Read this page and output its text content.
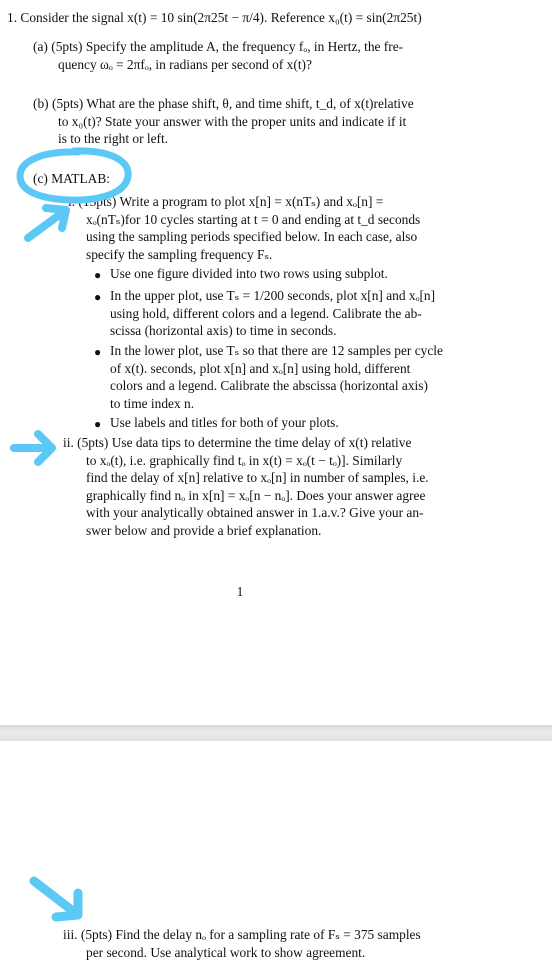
1. Consider the signal x(t) = 10 sin(2π25t − π/4). Reference x₀(t) = sin(2π25t)

(a) (5pts) Specify the amplitude A, the frequency fₒ, in Hertz, the fre-

quency ωₒ = 2πfₒ, in radians per second of x(t)?

(b) (5pts) What are the phase shift, θ, and time shift, t_d, of x(t)relative

to x₀(t)? State your answer with the proper units and indicate if it

is to the right or left.

(c) MATLAB:

i. (15pts) Write a program to plot x[n] = x(nTₛ) and xₒ[n] =

xₒ(nTₛ)for 10 cycles starting at t = 0 and ending at t_d seconds

using the sampling periods specified below. In each case, also

specify the sampling frequency Fₛ.

● Use one figure divided into two rows using subplot.

● In the upper plot, use Tₛ = 1/200 seconds, plot x[n] and xₒ[n]

using hold, different colors and a legend. Calibrate the ab-

scissa (horizontal axis) to time in seconds.

● In the lower plot, use Tₛ so that there are 12 samples per cycle

of x(t). seconds, plot x[n] and xₒ[n] using hold, different

colors and a legend. Calibrate the abscissa (horizontal axis)

to time index n.

● Use labels and titles for both of your plots.

ii. (5pts) Use data tips to determine the time delay of x(t) relative

to xₒ(t), i.e. graphically find tₒ in x(t) = xₒ(t − tₒ)]. Similarly

find the delay of x[n] relative to xₒ[n] in number of samples, i.e.

graphically find nₒ in x[n] = xₒ[n − nₒ]. Does your answer agree

with your analytically obtained answer in 1.a.v.? Give your an-

swer below and provide a brief explanation.

1

iii. (5pts) Find the delay nₒ for a sampling rate of Fₛ = 375 samples

per second. Use analytical work to show agreement.
